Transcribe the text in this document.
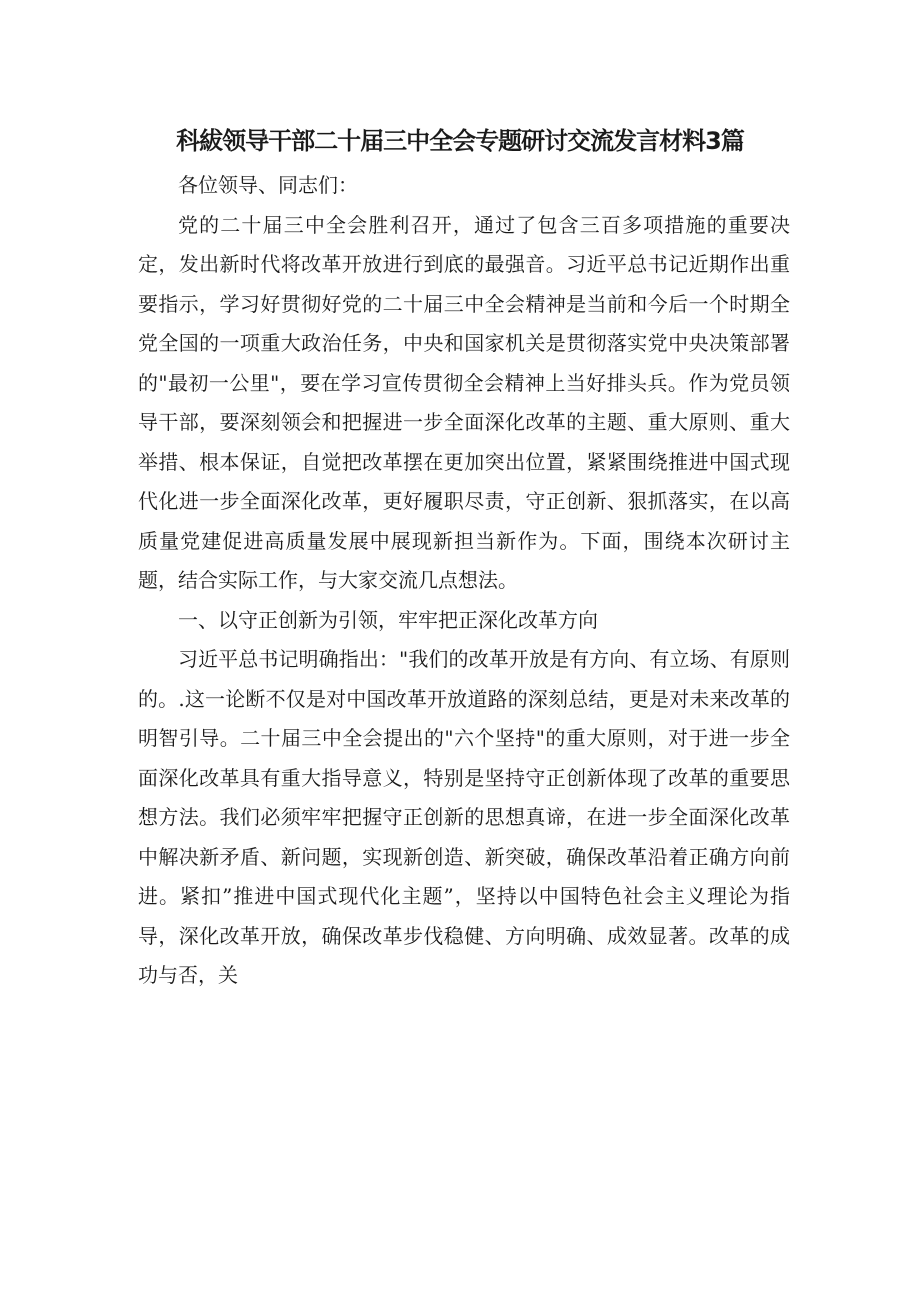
科紱领导干部二十届三中全会专题研讨交流发言材料3篇

各位领导、同志们：

党的二十届三中全会胜利召开，通过了包含三百多项措施的重要决定，发出新时代将改革开放进行到底的最强音。习近平总书记近期作出重要指示，学习好贯彻好党的二十届三中全会精神是当前和今后一个时期全党全国的一项重大政治任务，中央和国家机关是贯彻落实党中央决策部署的"最初一公里"，要在学习宣传贯彻全会精神上当好排头兵。作为党员领导干部，要深刻领会和把握进一步全面深化改革的主题、重大原则、重大举措、根本保证，自觉把改革摆在更加突出位置，紧紧围绕推进中国式现代化进一步全面深化改革，更好履职尽责，守正创新、狠抓落实，在以高质量党建促进高质量发展中展现新担当新作为。下面，围绕本次研讨主题，结合实际工作，与大家交流几点想法。

一、以守正创新为引领，牢牢把正深化改革方向

习近平总书记明确指出："我们的改革开放是有方向、有立场、有原则的。.这一论断不仅是对中国改革开放道路的深刻总结，更是对未来改革的明智引导。二十届三中全会提出的"六个坚持"的重大原则，对于进一步全面深化改革具有重大指导意义，特别是坚持守正创新体现了改革的重要思想方法。我们必须牢牢把握守正创新的思想真谛，在进一步全面深化改革中解决新矛盾、新问题，实现新创造、新突破，确保改革沿着正确方向前进。紧扣”推进中国式现代化主题”，坚持以中国特色社会主义理论为指导，深化改革开放，确保改革步伐稳健、方向明确、成效显著。改革的成功与否，关
